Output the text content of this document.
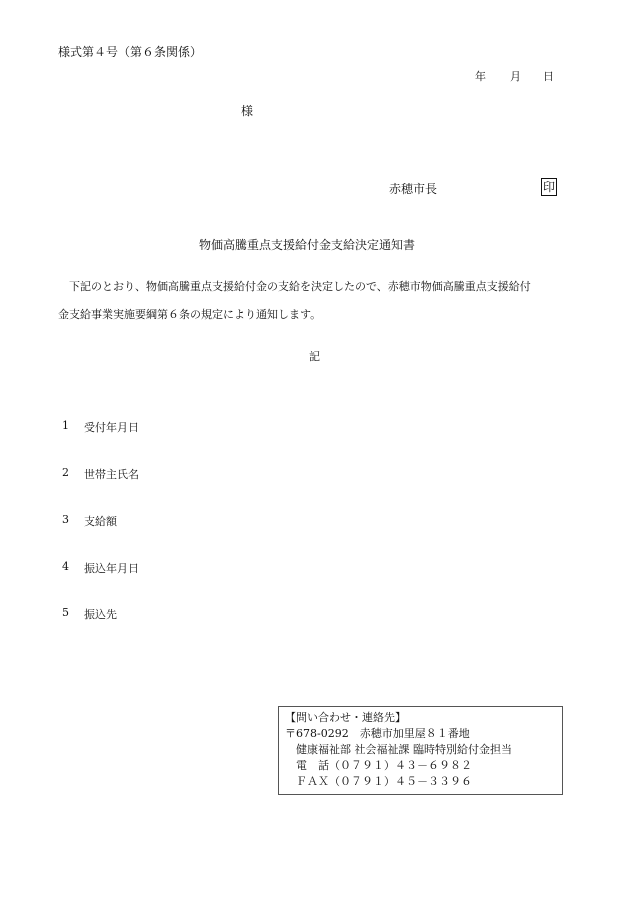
様式第４号（第６条関係）
年 月 日
様
赤穂市長	印
物価高騰重点支援給付金支給決定通知書
　下記のとおり、物価高騰重点支援給付金の支給を決定したので、赤穂市物価高騰重点支援給付
金支給事業実施要綱第６条の規定により通知します。
記
1 受付年月日
2 世帯主氏名
3 支給額
4 振込年月日
5 振込先
【問い合わせ・連絡先】
〒678-0292　赤穂市加里屋８１番地
　健康福祉部 社会福祉課 臨時特別給付金担当
　電　話（０７９１）４３－６９８２
　ＦＡＸ（０７９１）４５－３３９６
